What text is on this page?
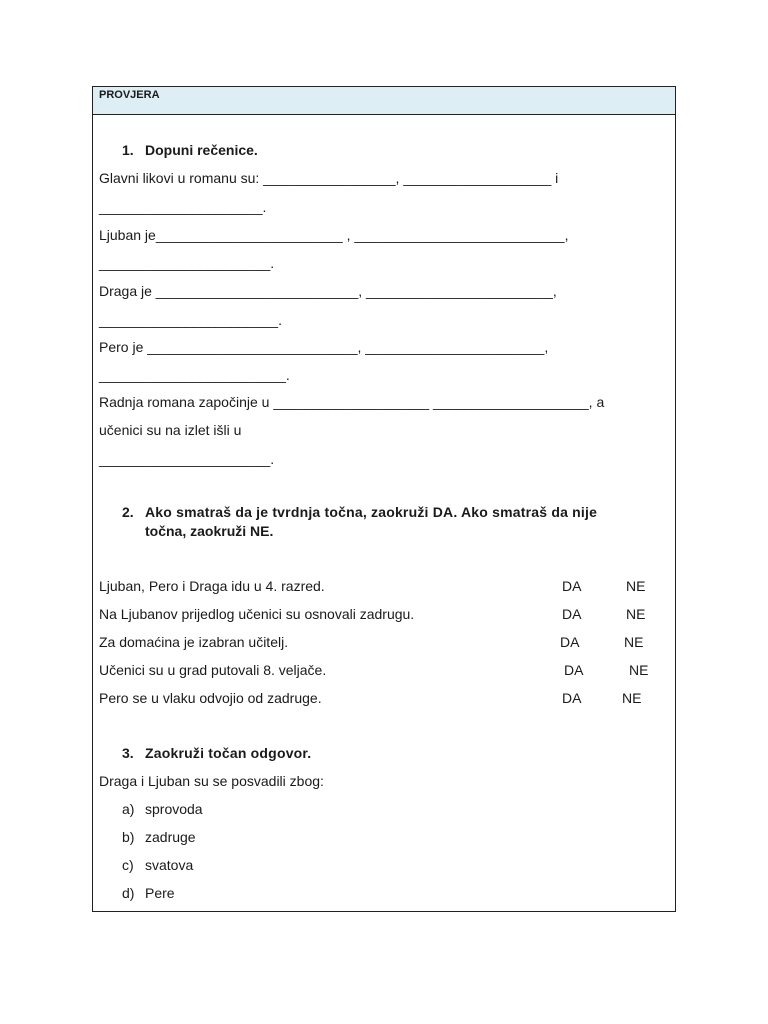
PROVJERA
1. Dopuni rečenice.
Glavni likovi u romanu su: _________________, ___________________ i
_____________________.
Ljuban je________________________ , ___________________________,
______________________.
Draga je __________________________, ________________________,
_______________________.
Pero je ___________________________, _______________________,
________________________.
Radnja romana započinje u ____________________ ____________________, a
učenici su na izlet išli u
______________________.
2. Ako smatraš da je tvrdnja točna, zaokruži DA. Ako smatraš da nije
točna, zaokruži NE.
Ljuban, Pero i Draga idu u 4. razred.	DA	NE
Na Ljubanov prijedlog učenici su osnovali zadrugu.	DA	NE
Za domaćina je izabran učitelj.	DA	NE
Učenici su u grad putovali 8. veljače.	DA	NE
Pero se u vlaku odvojio od zadruge.	DA	NE
3. Zaokruži točan odgovor.
Draga i Ljuban su se posvadili zbog:
a) sprovoda
b) zadruge
c) svatova
d) Pere
